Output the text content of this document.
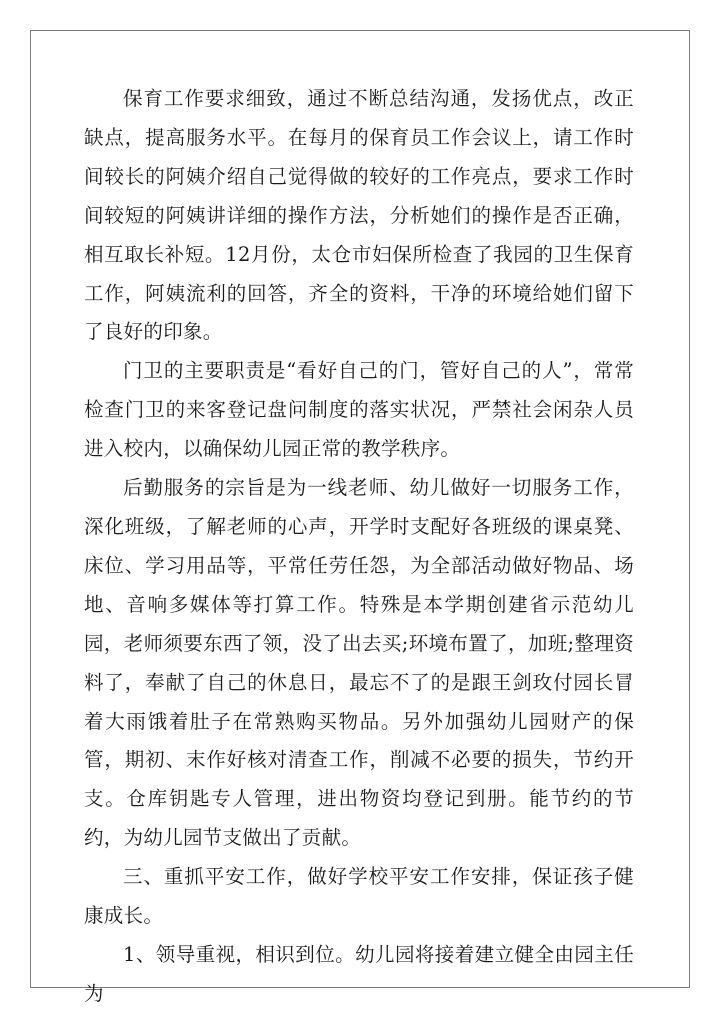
保育工作要求细致，通过不断总结沟通，发扬优点，改正缺点，提高服务水平。在每月的保育员工作会议上，请工作时间较长的阿姨介绍自己觉得做的较好的工作亮点，要求工作时间较短的阿姨讲详细的操作方法，分析她们的操作是否正确，相互取长补短。12月份，太仓市妇保所检查了我园的卫生保育工作，阿姨流利的回答，齐全的资料，干净的环境给她们留下了良好的印象。

门卫的主要职责是“看好自己的门，管好自己的人”，常常检查门卫的来客登记盘问制度的落实状况，严禁社会闲杂人员进入校内，以确保幼儿园正常的教学秩序。

后勤服务的宗旨是为一线老师、幼儿做好一切服务工作，深化班级，了解老师的心声，开学时支配好各班级的课桌凳、床位、学习用品等，平常任劳任怨，为全部活动做好物品、场地、音响多媒体等打算工作。特殊是本学期创建省示范幼儿园，老师须要东西了领，没了出去买;环境布置了，加班;整理资料了，奉献了自己的休息日，最忘不了的是跟王剑玫付园长冒着大雨饿着肚子在常熟购买物品。另外加强幼儿园财产的保管，期初、末作好核对清查工作，削减不必要的损失，节约开支。仓库钥匙专人管理，进出物资均登记到册。能节约的节约，为幼儿园节支做出了贡献。

三、重抓平安工作，做好学校平安工作安排，保证孩子健康成长。

1、领导重视，相识到位。幼儿园将接着建立健全由园主任为
